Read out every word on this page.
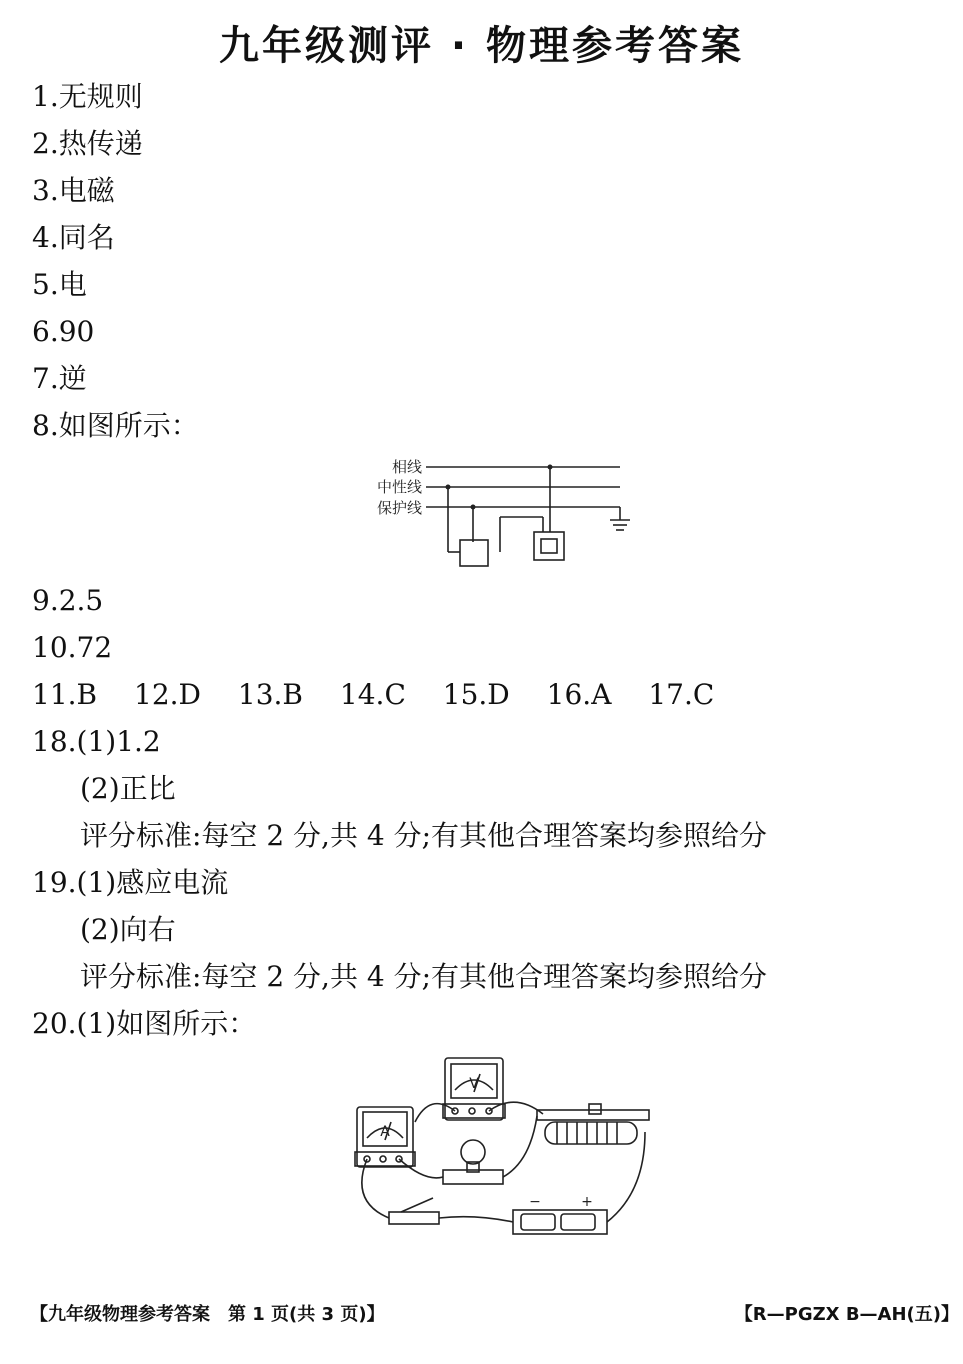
九年级测评 · 物理参考答案
1.无规则
2.热传递
3.电磁
4.同名
5.电
6.90
7.逆
8.如图所示：
相线
中性线
保护线
9.2.5
10.72
11.B 12.D 13.B 14.C 15.D 16.A 17.C
18.(1)1.2
(2)正比
评分标准:每空 2 分,共 4 分;有其他合理答案均参照给分
19.(1)感应电流
(2)向右
评分标准:每空 2 分,共 4 分;有其他合理答案均参照给分
20.(1)如图所示：
A
V
−	+
【九年级物理参考答案　第 1 页(共 3 页)】	【R—PGZX B—AH(五)】
